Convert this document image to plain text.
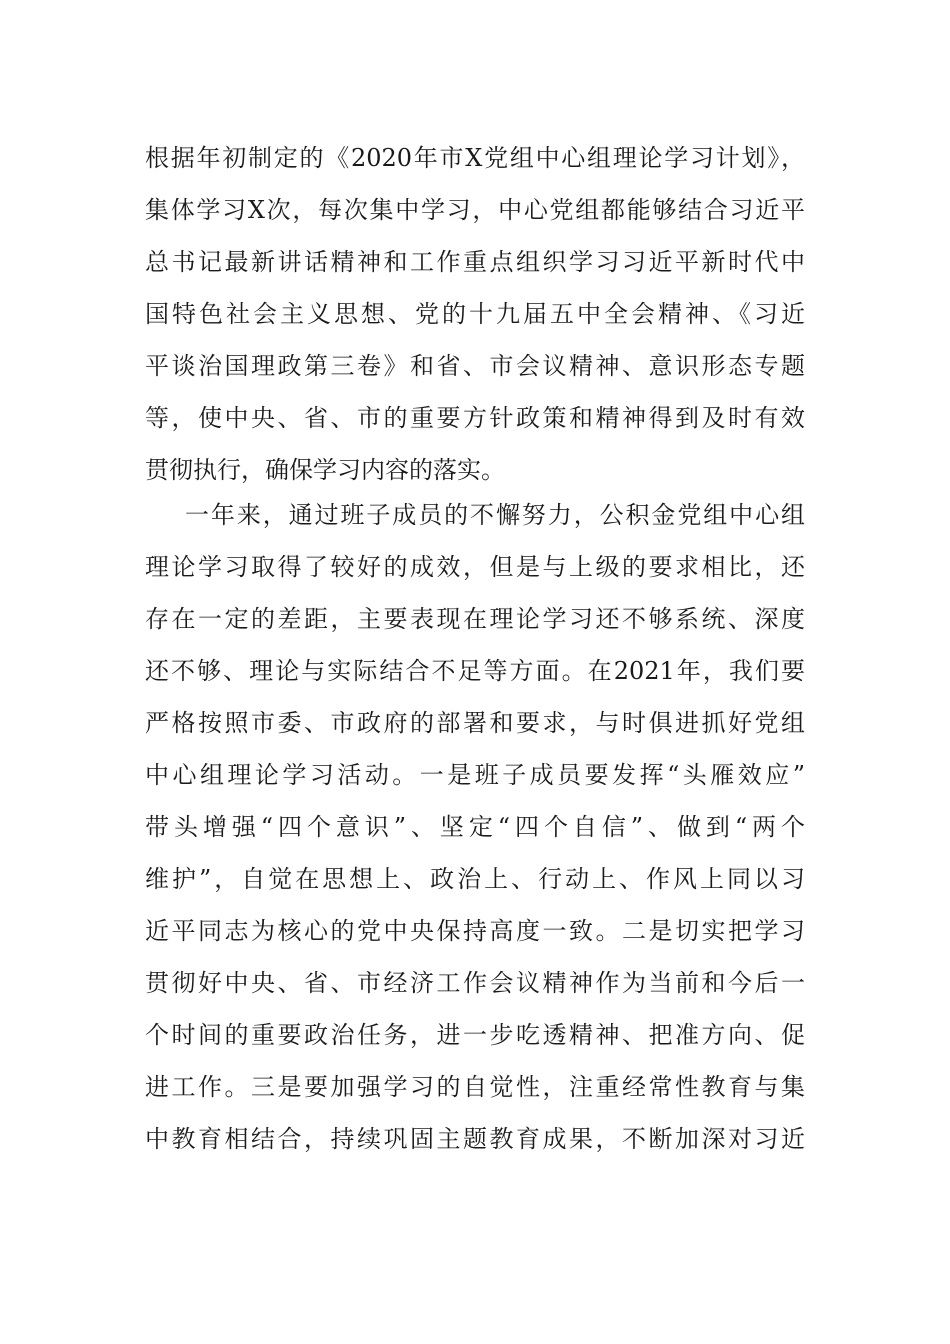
根据年初制定的《2020年市X党组中心组理论学习计划》，
集体学习X次，每次集中学习，中心党组都能够结合习近平
总书记最新讲话精神和工作重点组织学习习近平新时代中
国特色社会主义思想、党的十九届五中全会精神、《习近
平谈治国理政第三卷》和省、市会议精神、意识形态专题
等，使中央、省、市的重要方针政策和精神得到及时有效
贯彻执行，确保学习内容的落实。
一年来，通过班子成员的不懈努力，公积金党组中心组
理论学习取得了较好的成效，但是与上级的要求相比，还
存在一定的差距，主要表现在理论学习还不够系统、深度
还不够、理论与实际结合不足等方面。在2021年，我们要
严格按照市委、市政府的部署和要求，与时俱进抓好党组
中心组理论学习活动。一是班子成员要发挥“头雁效应”
带头增强“四个意识”、坚定“四个自信”、做到“两个
维护”，自觉在思想上、政治上、行动上、作风上同以习
近平同志为核心的党中央保持高度一致。二是切实把学习
贯彻好中央、省、市经济工作会议精神作为当前和今后一
个时间的重要政治任务，进一步吃透精神、把准方向、促
进工作。三是要加强学习的自觉性，注重经常性教育与集
中教育相结合，持续巩固主题教育成果，不断加深对习近
